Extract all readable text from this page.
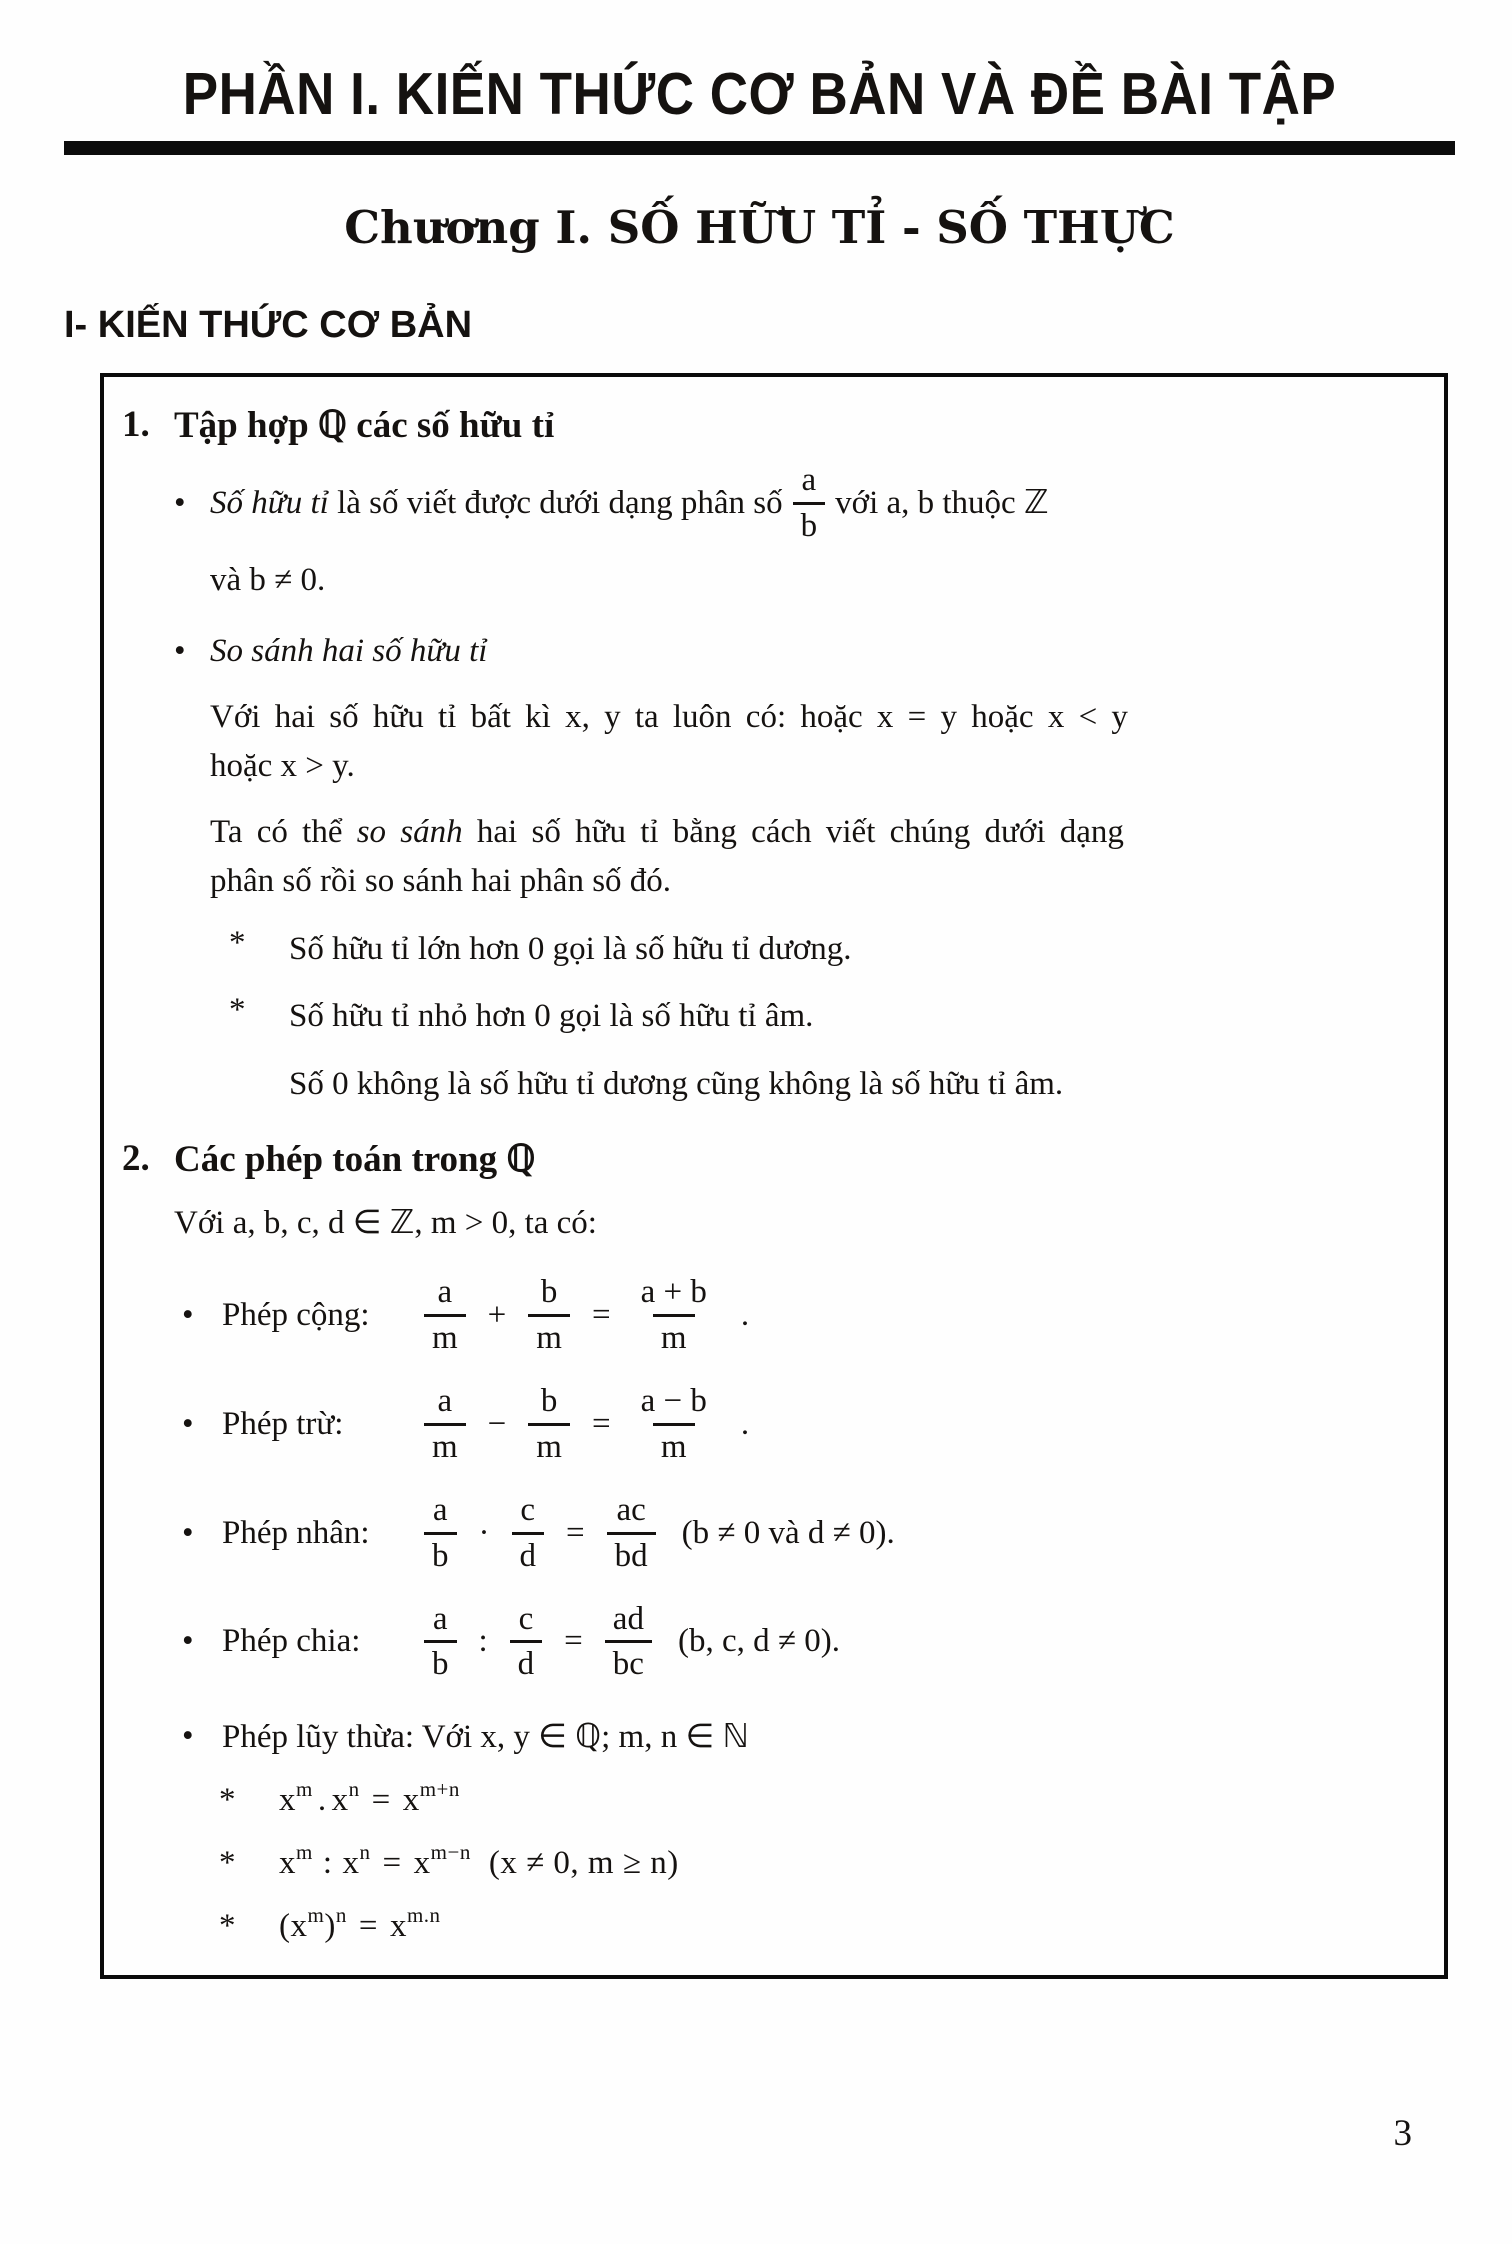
PHẦN I. KIẾN THỨC CƠ BẢN VÀ ĐỀ BÀI TẬP
Chương I. SỐ HỮU TỈ - SỐ THỰC
I- KIẾN THỨC CƠ BẢN
1. Tập hợp ℚ các số hữu tỉ
• Số hữu tỉ
là số viết được dưới dạng phân số $\frac{a}{b}$ với a, b thuộc ℤ
và b ≠ 0.
• So sánh hai số hữu tỉ
Với hai số hữu tỉ bất kì x, y ta luôn có: hoặc x = y hoặc x < y
hoặc x > y.
Ta có thể so sánh hai số hữu tỉ bằng cách viết chúng dưới dạng
phân số rồi so sánh hai phân số đó.
*	Số hữu tỉ lớn hơn 0 gọi là số hữu tỉ dương.
*	Số hữu tỉ nhỏ hơn 0 gọi là số hữu tỉ âm.
Số 0 không là số hữu tỉ dương cũng không là số hữu tỉ âm.
2. Các phép toán trong ℚ
Với a, b, c, d ∈ ℤ, m > 0, ta có:
• Phép cộng:	$\frac{a}{m} + \frac{b}{m} = \frac{a + b}{m}$ .
• Phép trừ:	$\frac{a}{m} - \frac{b}{m} = \frac{a - b}{m}$ .
• Phép nhân:	$\frac{a}{b} \cdot \frac{c}{d} = \frac{ac}{bd} (b \ne 0$ và d ≠ 0).
• Phép chia:	$\frac{a}{b}$ : $\frac{c}{d} = \frac{ad}{bc} (b$, c, d ≠ 0).
• Phép lũy thừa: Với x, y ∈ ℚ; m, n ∈ ℕ
*	$x^m$ . $x^n = x^{m+n}$
*	$x^m$ : $x^n = x^{m-n}$ (x ≠ 0, m ≥ n)
*	$(x^m)^n = x^{m.n}$
3
